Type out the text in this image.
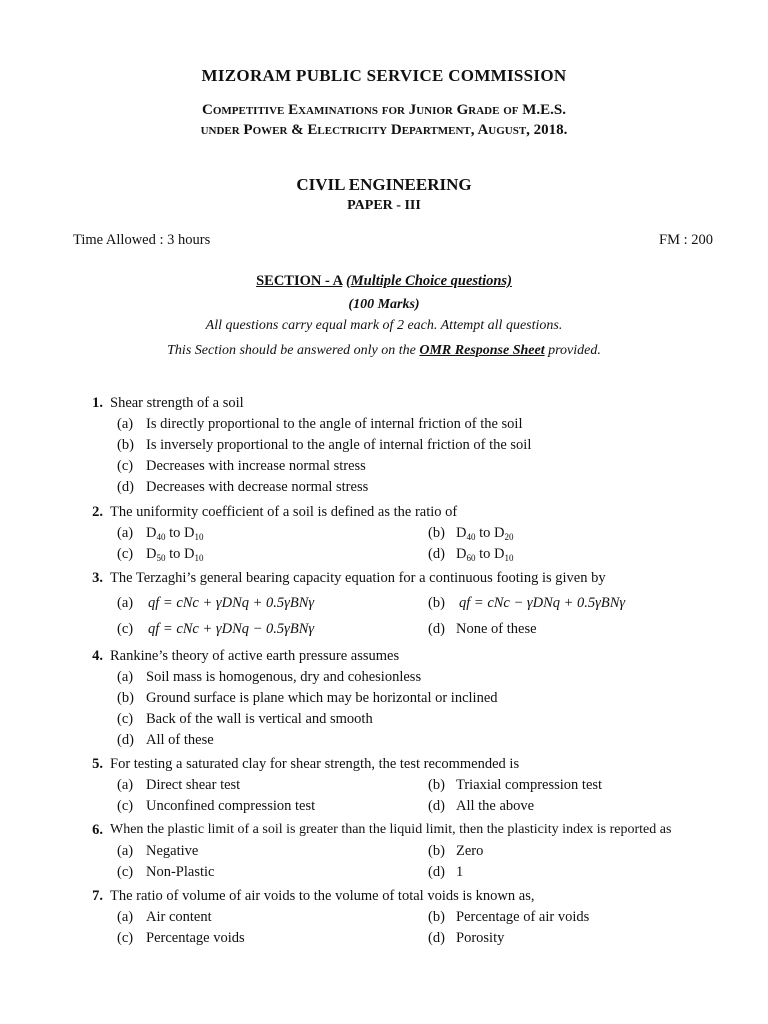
MIZORAM PUBLIC SERVICE COMMISSION
Competitive Examinations for Junior Grade of M.E.S.
under Power & Electricity Department, August, 2018.
CIVIL ENGINEERING
PAPER - III
Time Allowed : 3 hours	FM : 200
SECTION - A (Multiple Choice questions)
(100 Marks)
All questions carry equal mark of 2 each. Attempt all questions.
This Section should be answered only on the OMR Response Sheet provided.
1. Shear strength of a soil
(a) Is directly proportional to the angle of internal friction of the soil
(b) Is inversely proportional to the angle of internal friction of the soil
(c) Decreases with increase normal stress
(d) Decreases with decrease normal stress
2. The uniformity coefficient of a soil is defined as the ratio of
(a) $D_{40}$ to $D_{10}$	(b) $D_{40}$ to $D_{20}$
(c) $D_{50}$ to $D_{10}$	(d) $D_{60}$ to $D_{10}$
3. The Terzaghi’s general bearing capacity equation for a continuous footing is given by
(a)	qf = cNc + γDNq + 0.5γBNγ	(b) qf = cNc − γDNq + 0.5γBNγ
(c)	qf = cNc + γDNq − 0.5γBNγ	(d) None of these
4. Rankine’s theory of active earth pressure assumes
(a) Soil mass is homogenous, dry and cohesionless
(b) Ground surface is plane which may be horizontal or inclined
(c) Back of the wall is vertical and smooth
(d) All of these
5. For testing a saturated clay for shear strength, the test recommended is
(a) Direct shear test	(b) Triaxial compression test
(c) Unconfined compression test	(d) All the above
6. When the plastic limit of a soil is greater than the liquid limit, then the plasticity index is reported as
(a) Negative	(b) Zero
(c) Non-Plastic	(d) 1
7. The ratio of volume of air voids to the volume of total voids is known as,
(a) Air content	(b) Percentage of air voids
(c) Percentage voids	(d) Porosity
